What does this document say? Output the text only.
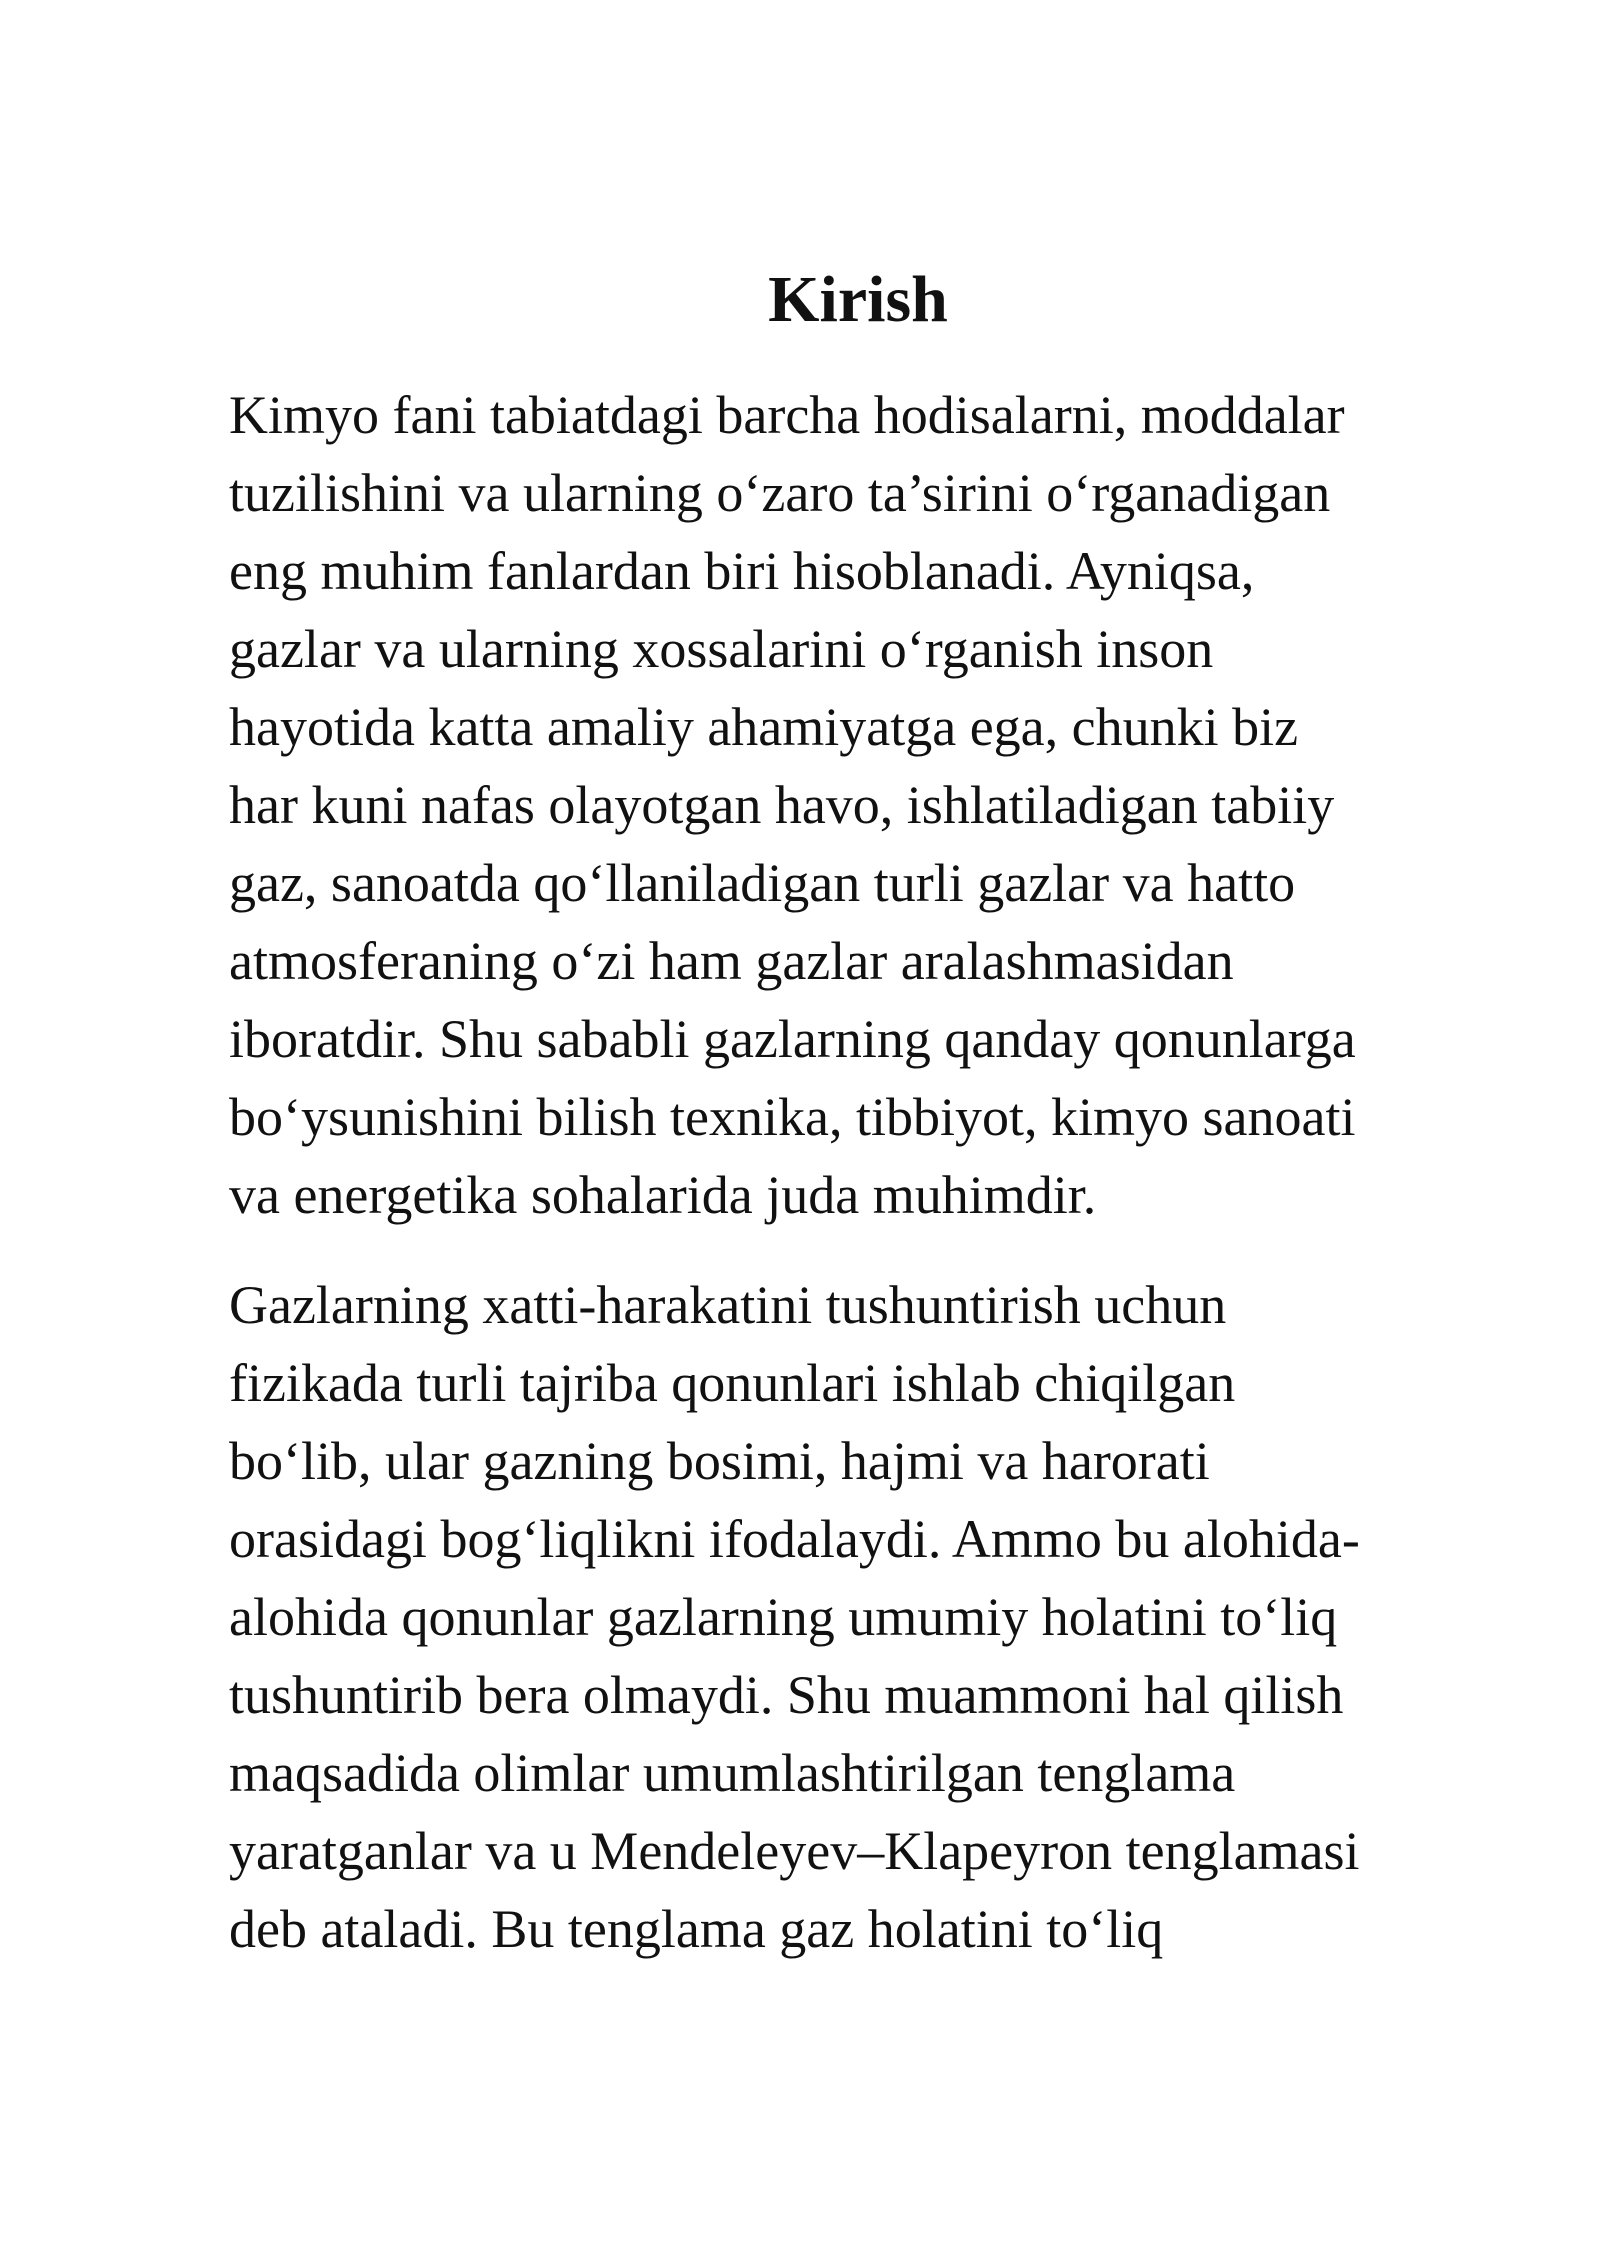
Kirish
Kimyo fani tabiatdagi barcha hodisalarni, moddalar
tuzilishini va ularning o‘zaro ta’sirini o‘rganadigan
eng muhim fanlardan biri hisoblanadi. Ayniqsa,
gazlar va ularning xossalarini o‘rganish inson
hayotida katta amaliy ahamiyatga ega, chunki biz
har kuni nafas olayotgan havo, ishlatiladigan tabiiy
gaz, sanoatda qo‘llaniladigan turli gazlar va hatto
atmosferaning o‘zi ham gazlar aralashmasidan
iboratdir. Shu sababli gazlarning qanday qonunlarga
bo‘ysunishini bilish texnika, tibbiyot, kimyo sanoati
va energetika sohalarida juda muhimdir.
Gazlarning xatti-harakatini tushuntirish uchun
fizikada turli tajriba qonunlari ishlab chiqilgan
bo‘lib, ular gazning bosimi, hajmi va harorati
orasidagi bog‘liqlikni ifodalaydi. Ammo bu alohida-
alohida qonunlar gazlarning umumiy holatini to‘liq
tushuntirib bera olmaydi. Shu muammoni hal qilish
maqsadida olimlar umumlashtirilgan tenglama
yaratganlar va u Mendeleyev–Klapeyron tenglamasi
deb ataladi. Bu tenglama gaz holatini to‘liq
